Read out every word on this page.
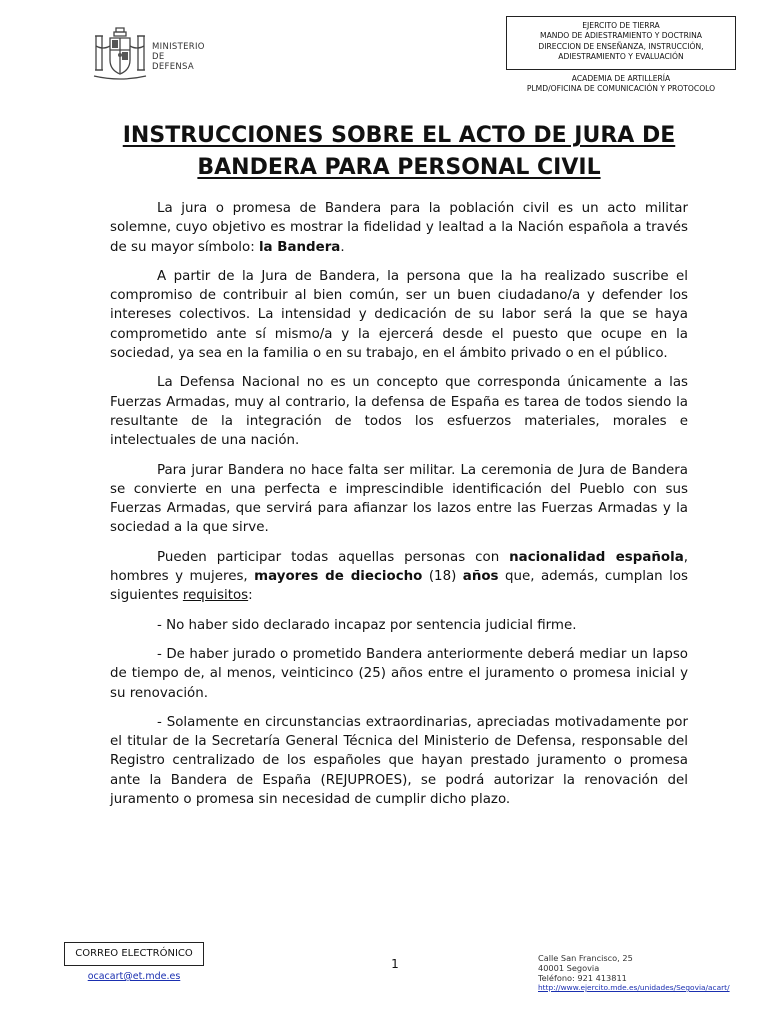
MINISTERIO
DE
DEFENSA
EJERCITO DE TIERRA
MANDO DE ADIESTRAMIENTO Y DOCTRINA
DIRECCION DE ENSEÑANZA, INSTRUCCIÓN,
ADIESTRAMIENTO Y EVALUACIÓN
ACADEMIA DE ARTILLERÍA
PLMD/OFICINA DE COMUNICACIÓN Y PROTOCOLO
INSTRUCCIONES SOBRE EL ACTO DE JURA DE
BANDERA PARA PERSONAL CIVIL

La jura o promesa de Bandera para la población civil es un acto militar solemne, cuyo objetivo es mostrar la fidelidad y lealtad a la Nación española a través de su mayor símbolo: la Bandera.

A partir de la Jura de Bandera, la persona que la ha realizado suscribe el compromiso de contribuir al bien común, ser un buen ciudadano/a y defender los intereses colectivos. La intensidad y dedicación de su labor será la que se haya comprometido ante sí mismo/a y la ejercerá desde el puesto que ocupe en la sociedad, ya sea en la familia o en su trabajo, en el ámbito privado o en el público.

La Defensa Nacional no es un concepto que corresponda únicamente a las Fuerzas Armadas, muy al contrario, la defensa de España es tarea de todos siendo la resultante de la integración de todos los esfuerzos materiales, morales e intelectuales de una nación.

Para jurar Bandera no hace falta ser militar. La ceremonia de Jura de Bandera se convierte en una perfecta e imprescindible identificación del Pueblo con sus Fuerzas Armadas, que servirá para afianzar los lazos entre las Fuerzas Armadas y la sociedad a la que sirve.

Pueden participar todas aquellas personas con nacionalidad española, hombres y mujeres, mayores de dieciocho (18) años que, además, cumplan los siguientes requisitos:

- No haber sido declarado incapaz por sentencia judicial firme.

- De haber jurado o prometido Bandera anteriormente deberá mediar un lapso de tiempo de, al menos, veinticinco (25) años entre el juramento o promesa inicial y su renovación.

- Solamente en circunstancias extraordinarias, apreciadas motivadamente por el titular de la Secretaría General Técnica del Ministerio de Defensa, responsable del Registro centralizado de los españoles que hayan prestado juramento o promesa ante la Bandera de España (REJUPROES), se podrá autorizar la renovación del juramento o promesa sin necesidad de cumplir dicho plazo.

CORREO ELECTRÓNICO
ocacart@et.mde.es
1	Calle San Francisco, 25
40001 Segovia
Teléfono: 921 413811
http://www.ejercito.mde.es/unidades/Segovia/acart/
